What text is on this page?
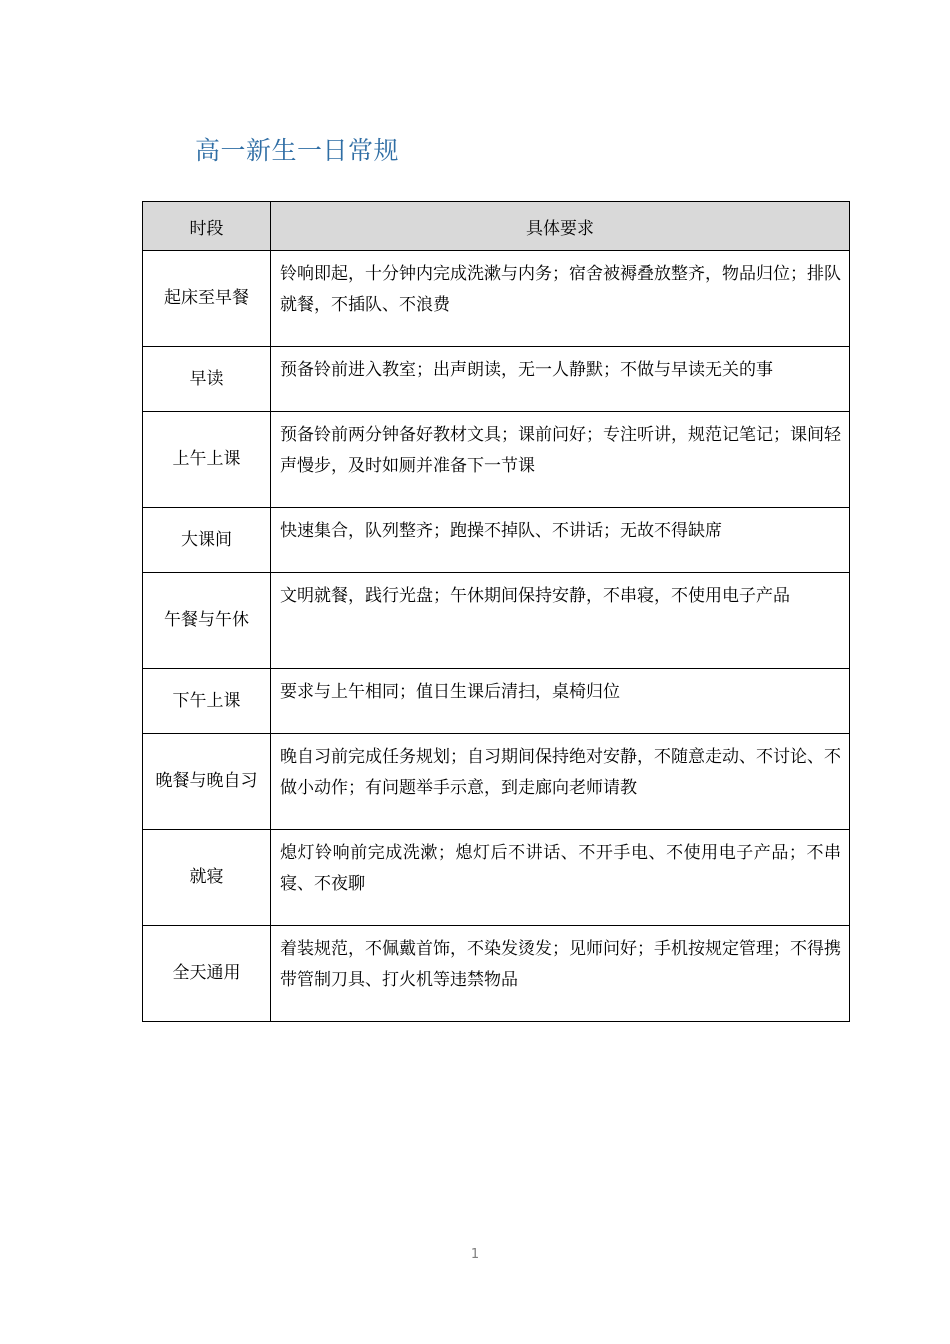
高一新生一日常规
时段	具体要求
起床至早餐	铃响即起，十分钟内完成洗漱与内务；宿舍被褥叠放整齐，物品归位；排队就餐，不插队、不浪费
早读	预备铃前进入教室；出声朗读，无一人静默；不做与早读无关的事
上午上课	预备铃前两分钟备好教材文具；课前问好；专注听讲，规范记笔记；课间轻声慢步，及时如厕并准备下一节课
大课间	快速集合，队列整齐；跑操不掉队、不讲话；无故不得缺席
午餐与午休	文明就餐，践行光盘；午休期间保持安静，不串寝，不使用电子产品
下午上课	要求与上午相同；值日生课后清扫，桌椅归位
晚餐与晚自习	晚自习前完成任务规划；自习期间保持绝对安静，不随意走动、不讨论、不做小动作；有问题举手示意，到走廊向老师请教
就寝	熄灯铃响前完成洗漱；熄灯后不讲话、不开手电、不使用电子产品；不串寝、不夜聊
全天通用	着装规范，不佩戴首饰，不染发烫发；见师问好；手机按规定管理；不得携带管制刀具、打火机等违禁物品
1
